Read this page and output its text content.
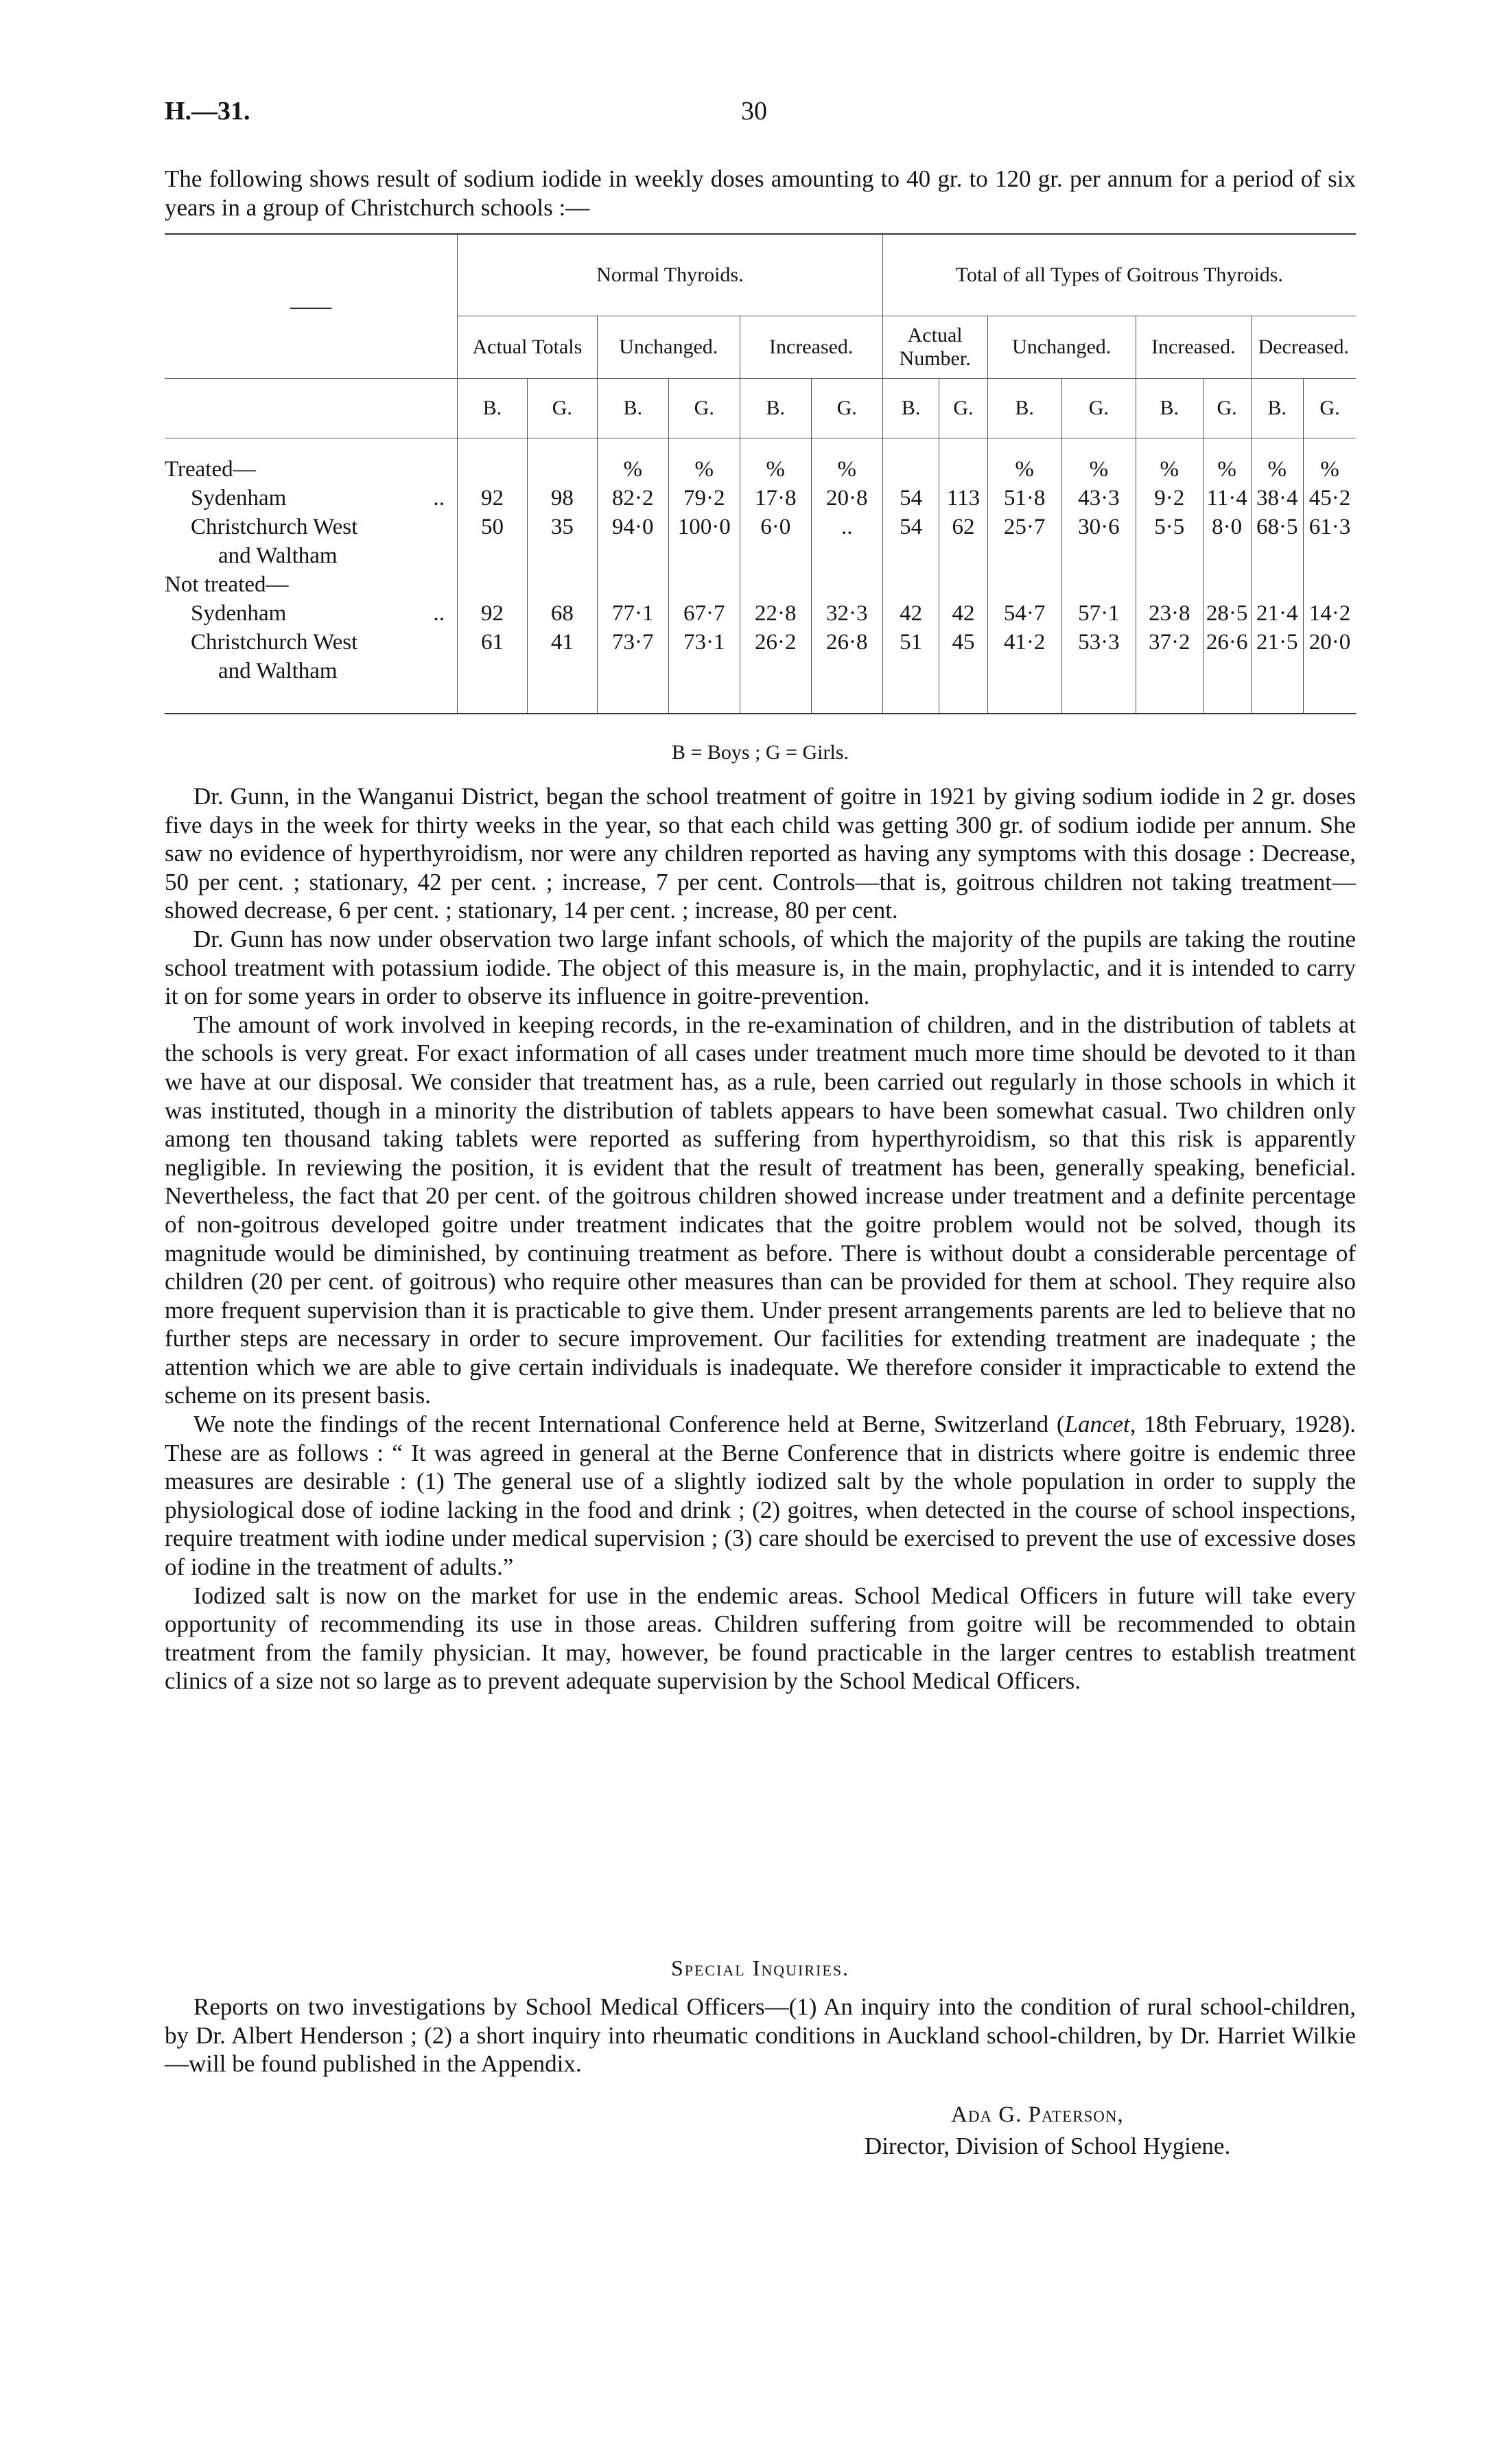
H.—31.	30

The following shows result of sodium iodide in weekly doses amounting to 40 gr. to 120 gr. per annum for a period of six years in a group of Christchurch schools :—

——	Normal Thyroids.						Total of all Types of Goitrous Thyroids.							
	Actual Totals		Unchanged.		Increased.		Actual Number.		Unchanged.		Increased.		Decreased.	
	B.	G.	B.	G.	B.	G.	B.	G.	B.	G.	B.	G.	B.	G.

Treated—			%	%	%	%			%	%	%	%	%	%
Sydenham ..	92	98	82·2	79·2	17·8	20·8	54	113	51·8	43·3	9·2	11·4	38·4	45·2
Christchurch West	50	35	94·0	100·0	6·0	..	54	62	25·7	30·6	5·5	8·0	68·5	61·3
and Waltham														
Not treated—														
Sydenham ..	92	68	77·1	67·7	22·8	32·3	42	42	54·7	57·1	23·8	28·5	21·4	14·2
Christchurch West	61	41	73·7	73·1	26·2	26·8	51	45	41·2	53·3	37·2	26·6	21·5	20·0
and Waltham														

B = Boys ; G = Girls.

Dr. Gunn, in the Wanganui District, began the school treatment of goitre in 1921 by giving sodium iodide in 2 gr. doses five days in the week for thirty weeks in the year, so that each child was getting 300 gr. of sodium iodide per annum. She saw no evidence of hyperthyroidism, nor were any children reported as having any symptoms with this dosage : Decrease, 50 per cent. ; stationary, 42 per cent. ; increase, 7 per cent. Controls—that is, goitrous children not taking treatment—showed decrease, 6 per cent. ; stationary, 14 per cent. ; increase, 80 per cent.

Dr. Gunn has now under observation two large infant schools, of which the majority of the pupils are taking the routine school treatment with potassium iodide. The object of this measure is, in the main, prophylactic, and it is intended to carry it on for some years in order to observe its influence in goitre-prevention.

The amount of work involved in keeping records, in the re-examination of children, and in the distribution of tablets at the schools is very great. For exact information of all cases under treatment much more time should be devoted to it than we have at our disposal. We consider that treatment has, as a rule, been carried out regularly in those schools in which it was instituted, though in a minority the distribution of tablets appears to have been somewhat casual. Two children only among ten thousand taking tablets were reported as suffering from hyperthyroidism, so that this risk is apparently negligible. In reviewing the position, it is evident that the result of treatment has been, generally speaking, beneficial. Nevertheless, the fact that 20 per cent. of the goitrous children showed increase under treatment and a definite percentage of non-goitrous developed goitre under treatment indicates that the goitre problem would not be solved, though its magnitude would be diminished, by continuing treatment as before. There is without doubt a considerable percentage of children (20 per cent. of goitrous) who require other measures than can be provided for them at school. They require also more frequent supervision than it is practicable to give them. Under present arrangements parents are led to believe that no further steps are necessary in order to secure improvement. Our facilities for extending treatment are inadequate ; the attention which we are able to give certain individuals is inadequate. We therefore consider it impracticable to extend the scheme on its present basis.

We note the findings of the recent International Conference held at Berne, Switzerland (Lancet, 18th February, 1928). These are as follows : “ It was agreed in general at the Berne Conference that in districts where goitre is endemic three measures are desirable : (1) The general use of a slightly iodized salt by the whole population in order to supply the physiological dose of iodine lacking in the food and drink ; (2) goitres, when detected in the course of school inspections, require treatment with iodine under medical supervision ; (3) care should be exercised to prevent the use of excessive doses of iodine in the treatment of adults.”

Iodized salt is now on the market for use in the endemic areas. School Medical Officers in future will take every opportunity of recommending its use in those areas. Children suffering from goitre will be recommended to obtain treatment from the family physician. It may, however, be found practicable in the larger centres to establish treatment clinics of a size not so large as to prevent adequate supervision by the School Medical Officers.

Special Inquiries.

Reports on two investigations by School Medical Officers—(1) An inquiry into the condition of rural school-children, by Dr. Albert Henderson ; (2) a short inquiry into rheumatic conditions in Auckland school-children, by Dr. Harriet Wilkie—will be found published in the Appendix.

Ada G. Paterson,
Director, Division of School Hygiene.
